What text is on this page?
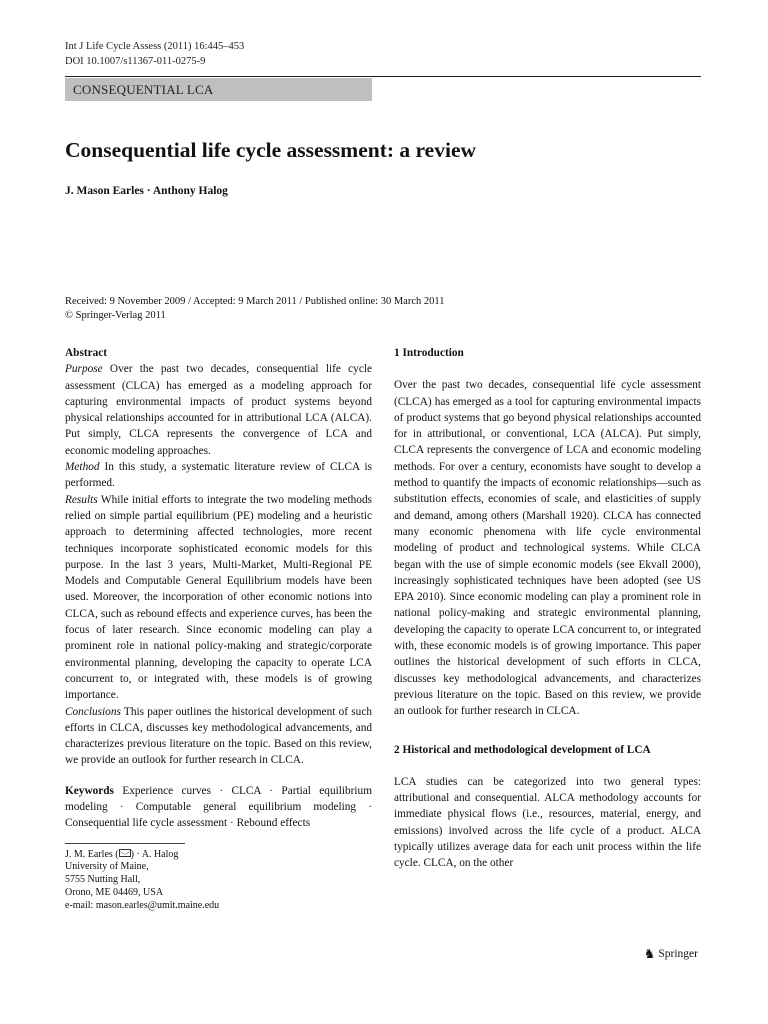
Int J Life Cycle Assess (2011) 16:445–453
DOI 10.1007/s11367-011-0275-9
CONSEQUENTIAL LCA
Consequential life cycle assessment: a review
J. Mason Earles · Anthony Halog
Received: 9 November 2009 / Accepted: 9 March 2011 / Published online: 30 March 2011
© Springer-Verlag 2011

Abstract

Purpose Over the past two decades, consequential life cycle assessment (CLCA) has emerged as a modeling approach for capturing environmental impacts of product systems beyond physical relationships accounted for in attributional LCA (ALCA). Put simply, CLCA represents the convergence of LCA and economic modeling approaches.

Method In this study, a systematic literature review of CLCA is performed.

Results While initial efforts to integrate the two modeling methods relied on simple partial equilibrium (PE) modeling and a heuristic approach to determining affected technologies, more recent techniques incorporate sophisticated economic models for this purpose. In the last 3 years, Multi-Market, Multi-Regional PE Models and Computable General Equilibrium models have been used. Moreover, the incorporation of other economic notions into CLCA, such as rebound effects and experience curves, has been the focus of later research. Since economic modeling can play a prominent role in national policy-making and strategic/corporate environmental planning, developing the capacity to operate LCA concurrent to, or integrated with, these models is of growing importance.

Conclusions This paper outlines the historical development of such efforts in CLCA, discusses key methodological advancements, and characterizes previous literature on the topic. Based on this review, we provide an outlook for further research in CLCA.

Keywords Experience curves · CLCA · Partial equilibrium modeling · Computable general equilibrium modeling · Consequential life cycle assessment · Rebound effects

J. M. Earles ( ) · A. Halog
University of Maine,
5755 Nutting Hall,
Orono, ME 04469, USA
e-mail: mason.earles@umit.maine.edu

1 Introduction

Over the past two decades, consequential life cycle assessment (CLCA) has emerged as a tool for capturing environmental impacts of product systems that go beyond physical relationships accounted for in attributional, or conventional, LCA (ALCA). Put simply, CLCA represents the convergence of LCA and economic modeling methods. For over a century, economists have sought to develop a method to quantify the impacts of economic relationships—such as substitution effects, economies of scale, and elasticities of supply and demand, among others (Marshall 1920). CLCA has connected many economic phenomena with life cycle environmental modeling of product and technological systems. While CLCA began with the use of simple economic models (see Ekvall 2000), increasingly sophisticated techniques have been adopted (see US EPA 2010). Since economic modeling can play a prominent role in national policy-making and strategic environmental planning, developing the capacity to operate LCA concurrent to, or integrated with, these economic models is of growing importance. This paper outlines the historical development of such efforts in CLCA, discusses key methodological advancements, and characterizes previous literature on the topic. Based on this review, we provide an outlook for further research in CLCA.

2 Historical and methodological development of LCA

LCA studies can be categorized into two general types: attributional and consequential. ALCA methodology accounts for immediate physical flows (i.e., resources, material, energy, and emissions) involved across the life cycle of a product. ALCA typically utilizes average data for each unit process within the life cycle. CLCA, on the other

♞ Springer
